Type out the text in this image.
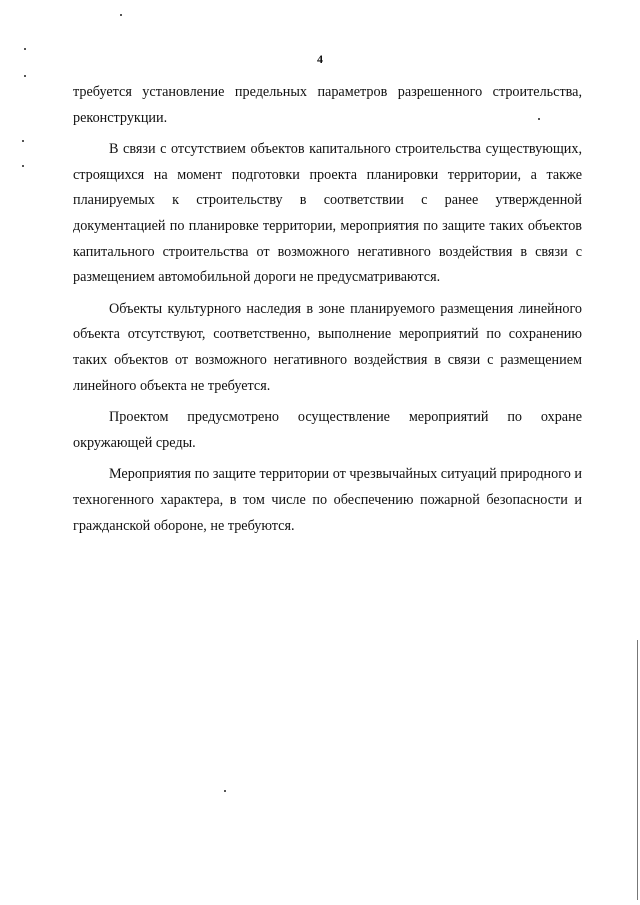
4

требуется установление предельных параметров разрешенного строительства, реконструкции.

В связи с отсутствием объектов капитального строительства существующих, строящихся на момент подготовки проекта планировки территории, а также планируемых к строительству в соответствии с ранее утвержденной документацией по планировке территории, мероприятия по защите таких объектов капитального строительства от возможного негативного воздействия в связи с размещением автомобильной дороги не предусматриваются.

Объекты культурного наследия в зоне планируемого размещения линейного объекта отсутствуют, соответственно, выполнение мероприятий по сохранению таких объектов от возможного негативного воздействия в связи с размещением линейного объекта не требуется.

Проектом предусмотрено осуществление мероприятий по охране окружающей среды.

Мероприятия по защите территории от чрезвычайных ситуаций природного и техногенного характера, в том числе по обеспечению пожарной безопасности и гражданской обороне, не требуются.
